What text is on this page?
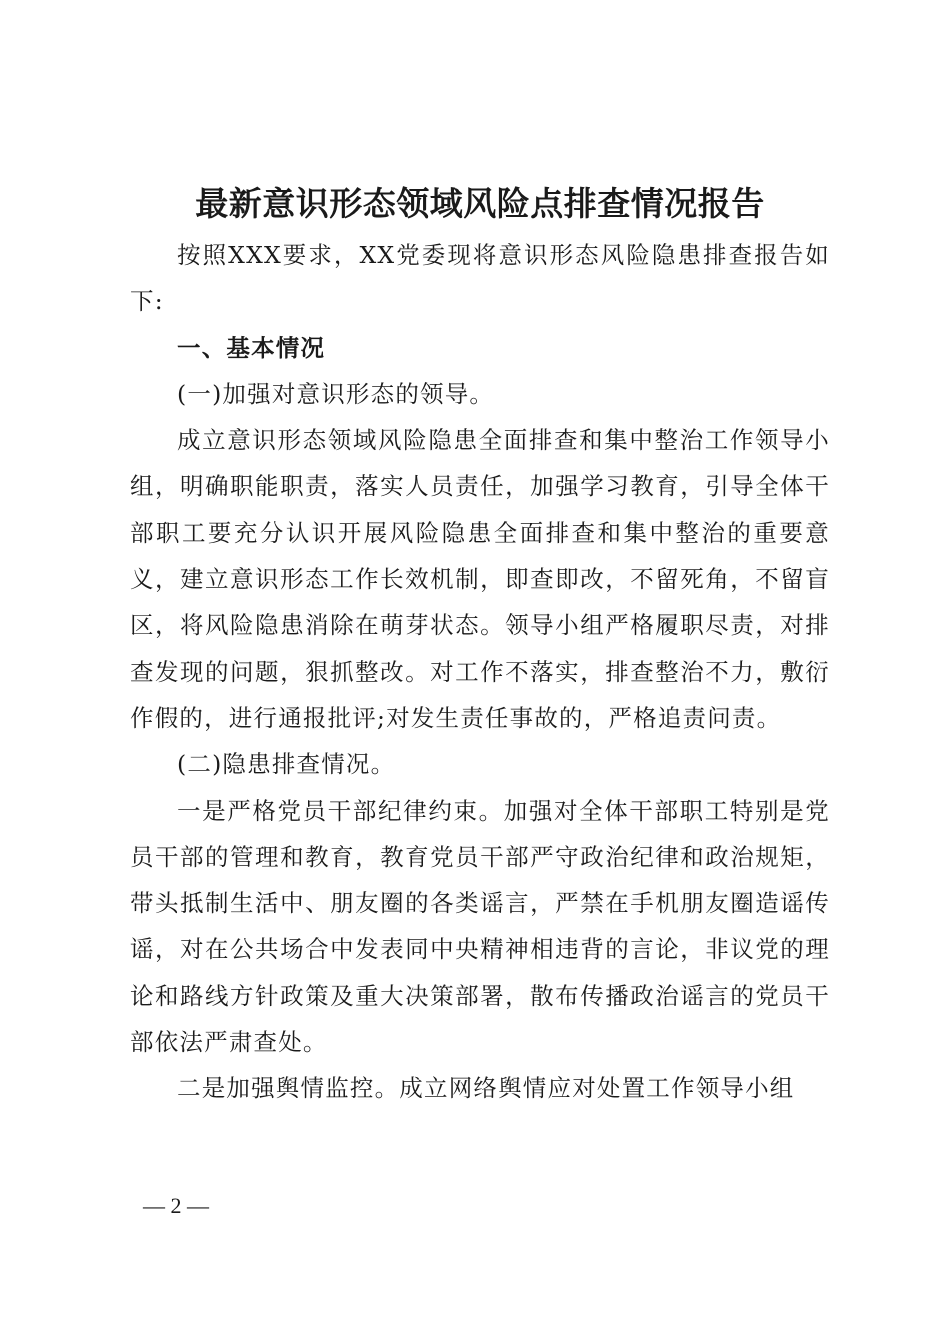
最新意识形态领域风险点排查情况报告

按照XXX要求，XX党委现将意识形态风险隐患排查报告如下:

一、基本情况

(一)加强对意识形态的领导。

成立意识形态领域风险隐患全面排查和集中整治工作领导小组，明确职能职责，落实人员责任，加强学习教育，引导全体干部职工要充分认识开展风险隐患全面排查和集中整治的重要意义，建立意识形态工作长效机制，即查即改，不留死角，不留盲区，将风险隐患消除在萌芽状态。领导小组严格履职尽责，对排查发现的问题，狠抓整改。对工作不落实，排查整治不力，敷衍作假的，进行通报批评;对发生责任事故的，严格追责问责。

(二)隐患排查情况。

一是严格党员干部纪律约束。加强对全体干部职工特别是党员干部的管理和教育，教育党员干部严守政治纪律和政治规矩，带头抵制生活中、朋友圈的各类谣言，严禁在手机朋友圈造谣传谣，对在公共场合中发表同中央精神相违背的言论，非议党的理论和路线方针政策及重大决策部署，散布传播政治谣言的党员干部依法严肃查处。

二是加强舆情监控。成立网络舆情应对处置工作领导小组

— 2 —
